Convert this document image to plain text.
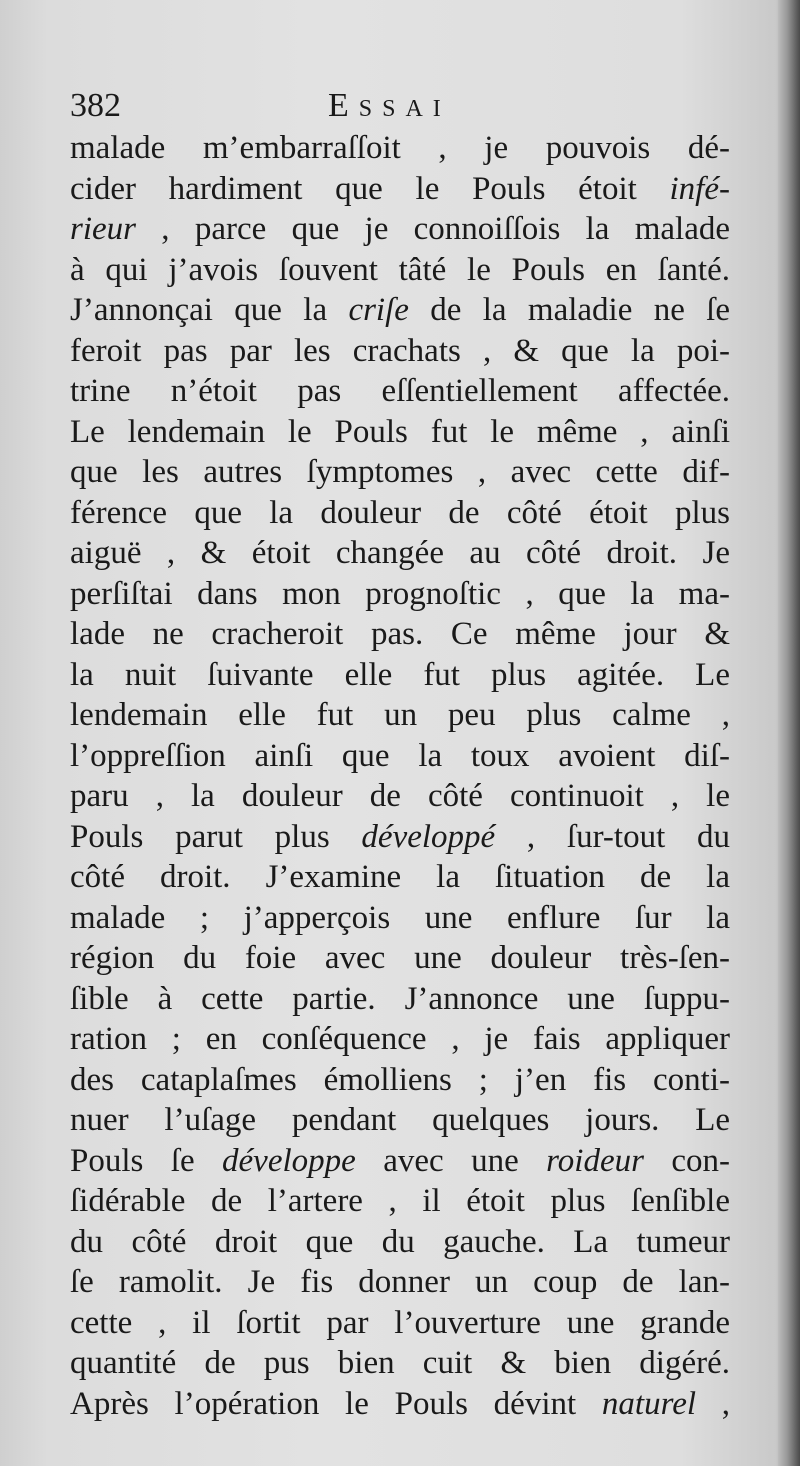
382	Essai
malade m’embarraſſoit , je pouvois dé-
cider hardiment que le Pouls étoit infé-
rieur , parce que je connoiſſois la malade
à qui j’avois ſouvent tâté le Pouls en ſanté.
J’annonçai que la criſe de la maladie ne ſe
feroit pas par les crachats , & que la poi-
trine n’étoit pas eſſentiellement affectée.
Le lendemain le Pouls fut le même , ainſi
que les autres ſymptomes , avec cette dif-
férence que la douleur de côté étoit plus
aiguë , & étoit changée au côté droit. Je
perſiſtai dans mon prognoſtic , que la ma-
lade ne cracheroit pas. Ce même jour &
la nuit ſuivante elle fut plus agitée. Le
lendemain elle fut un peu plus calme ,
l’oppreſſion ainſi que la toux avoient diſ-
paru , la douleur de côté continuoit , le
Pouls parut plus développé , ſur-tout du
côté droit. J’examine la ſituation de la
malade ; j’apperçois une enflure ſur la
région du foie avec une douleur très-ſen-
ſible à cette partie. J’annonce une ſuppu-
ration ; en conſéquence , je fais appliquer
des cataplaſmes émolliens ; j’en fis conti-
nuer l’uſage pendant quelques jours. Le
Pouls ſe développe avec une roideur con-
ſidérable de l’artere , il étoit plus ſenſible
du côté droit que du gauche. La tumeur
ſe ramolit. Je fis donner un coup de lan-
cette , il ſortit par l’ouverture une grande
quantité de pus bien cuit & bien digéré.
Après l’opération le Pouls dévint naturel ,
